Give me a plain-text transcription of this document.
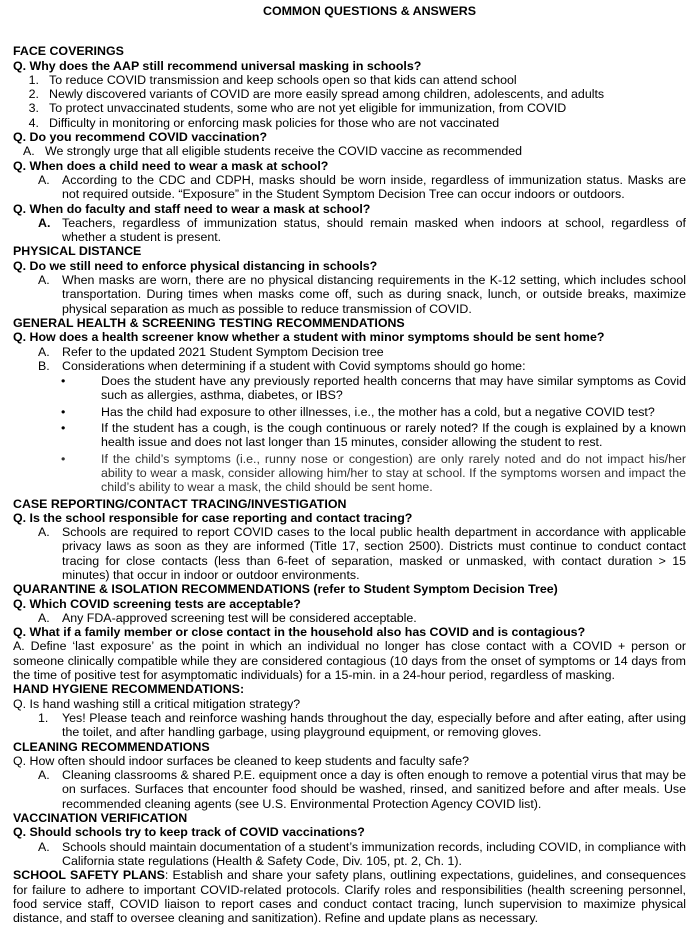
COMMON QUESTIONS & ANSWERS
FACE COVERINGS
Q. Why does the AAP still recommend universal masking in schools?
1. To reduce COVID transmission and keep schools open so that kids can attend school
2. Newly discovered variants of COVID are more easily spread among children, adolescents, and adults
3. To protect unvaccinated students, some who are not yet eligible for immunization, from COVID
4. Difficulty in monitoring or enforcing mask policies for those who are not vaccinated
Q. Do you recommend COVID vaccination?
A. We strongly urge that all eligible students receive the COVID vaccine as recommended
Q. When does a child need to wear a mask at school?
A. According to the CDC and CDPH, masks should be worn inside, regardless of immunization status. Masks are not required outside. “Exposure” in the Student Symptom Decision Tree can occur indoors or outdoors.
Q. When do faculty and staff need to wear a mask at school?
A. Teachers, regardless of immunization status, should remain masked when indoors at school, regardless of whether a student is present.
PHYSICAL DISTANCE
Q. Do we still need to enforce physical distancing in schools?
A. When masks are worn, there are no physical distancing requirements in the K-12 setting, which includes school transportation. During times when masks come off, such as during snack, lunch, or outside breaks, maximize physical separation as much as possible to reduce transmission of COVID.
GENERAL HEALTH & SCREENING TESTING RECOMMENDATIONS
Q. How does a health screener know whether a student with minor symptoms should be sent home?
A. Refer to the updated 2021 Student Symptom Decision tree
B. Considerations when determining if a student with Covid symptoms should go home:
•	Does the student have any previously reported health concerns that may have similar symptoms as Covid such as allergies, asthma, diabetes, or IBS?
•	Has the child had exposure to other illnesses, i.e., the mother has a cold, but a negative COVID test?
•	If the student has a cough, is the cough continuous or rarely noted? If the cough is explained by a known health issue and does not last longer than 15 minutes, consider allowing the student to rest.
•	If the child’s symptoms (i.e., runny nose or congestion) are only rarely noted and do not impact his/her ability to wear a mask, consider allowing him/her to stay at school. If the symptoms worsen and impact the child’s ability to wear a mask, the child should be sent home.
CASE REPORTING/CONTACT TRACING/INVESTIGATION
Q. Is the school responsible for case reporting and contact tracing?
A. Schools are required to report COVID cases to the local public health department in accordance with applicable privacy laws as soon as they are informed (Title 17, section 2500). Districts must continue to conduct contact tracing for close contacts (less than 6-feet of separation, masked or unmasked, with contact duration > 15 minutes) that occur in indoor or outdoor environments.
QUARANTINE & ISOLATION RECOMMENDATIONS (refer to Student Symptom Decision Tree)
Q. Which COVID screening tests are acceptable?
A. Any FDA-approved screening test will be considered acceptable.
Q. What if a family member or close contact in the household also has COVID and is contagious?
A. Define ‘last exposure’ as the point in which an individual no longer has close contact with a COVID + person or someone clinically compatible while they are considered contagious (10 days from the onset of symptoms or 14 days from the time of positive test for asymptomatic individuals) for a 15-min. in a 24-hour period, regardless of masking.
HAND HYGIENE RECOMMENDATIONS:
Q. Is hand washing still a critical mitigation strategy?
1.	Yes! Please teach and reinforce washing hands throughout the day, especially before and after eating, after using the toilet, and after handling garbage, using playground equipment, or removing gloves.
CLEANING RECOMMENDATIONS
Q. How often should indoor surfaces be cleaned to keep students and faculty safe?
A. Cleaning classrooms & shared P.E. equipment once a day is often enough to remove a potential virus that may be on surfaces. Surfaces that encounter food should be washed, rinsed, and sanitized before and after meals. Use recommended cleaning agents (see U.S. Environmental Protection Agency COVID list).
VACCINATION VERIFICATION
Q. Should schools try to keep track of COVID vaccinations?
A. Schools should maintain documentation of a student’s immunization records, including COVID, in compliance with California state regulations (Health & Safety Code, Div. 105, pt. 2, Ch. 1).
SCHOOL SAFETY PLANS: Establish and share your safety plans, outlining expectations, guidelines, and consequences for failure to adhere to important COVID-related protocols. Clarify roles and responsibilities (health screening personnel, food service staff, COVID liaison to report cases and conduct contact tracing, lunch supervision to maximize physical distance, and staff to oversee cleaning and sanitization). Refine and update plans as necessary.
